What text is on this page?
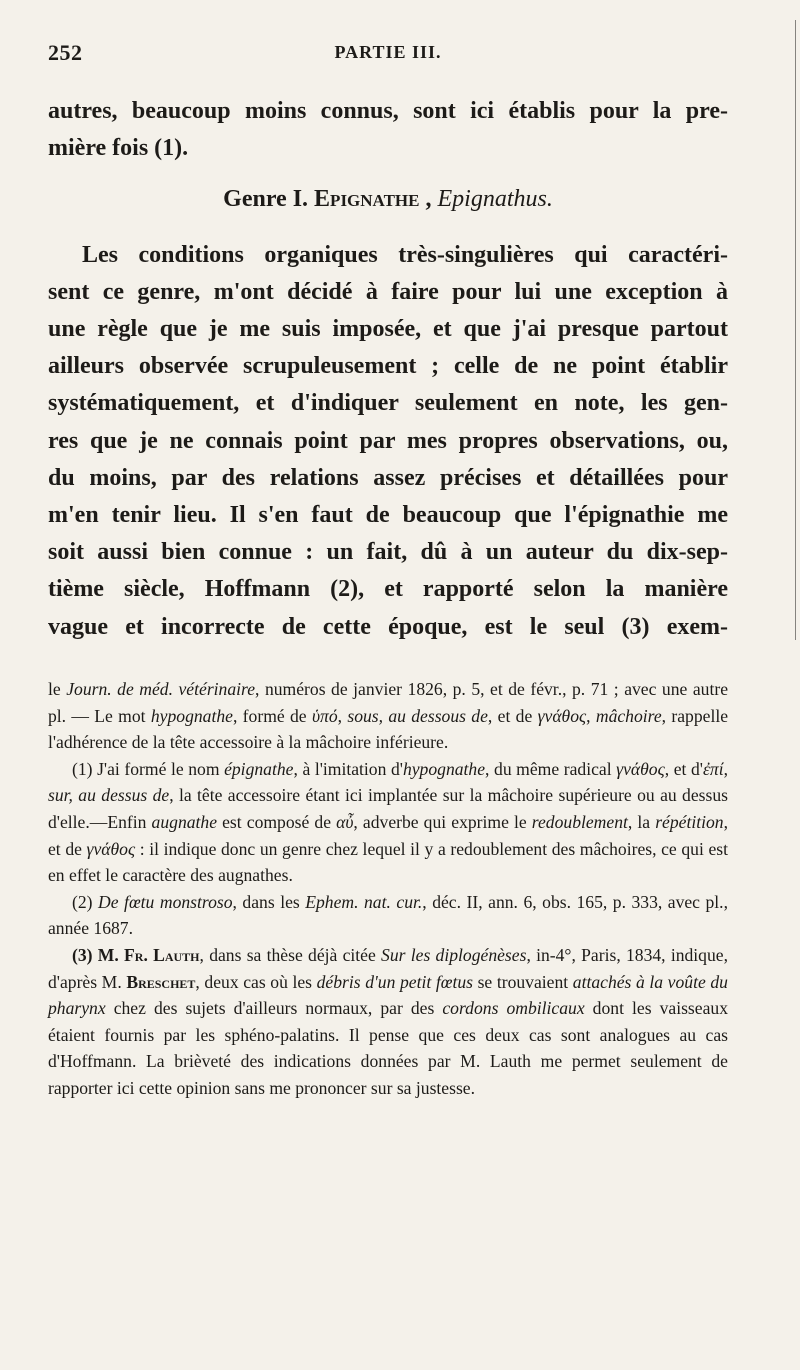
252	PARTIE III.

autres, beaucoup moins connus, sont ici établis pour la pre-

mière fois (1).

Genre I. Epignathe , Epignathus.

Les conditions organiques très-singulières qui caractéri-

sent ce genre, m'ont décidé à faire pour lui une exception à

une règle que je me suis imposée, et que j'ai presque partout

ailleurs observée scrupuleusement ; celle de ne point établir

systématiquement, et d'indiquer seulement en note, les gen-

res que je ne connais point par mes propres observations, ou,

du moins, par des relations assez précises et détaillées pour

m'en tenir lieu. Il s'en faut de beaucoup que l'épignathie me

soit aussi bien connue : un fait, dû à un auteur du dix-sep-

tième siècle, Hoffmann (2), et rapporté selon la manière

vague et incorrecte de cette époque, est le seul (3) exem-

le Journ. de méd. vétérinaire, numéros de janvier 1826, p. 5, et de févr., p. 71 ; avec une autre pl. — Le mot hypognathe, formé de ὑπό, sous, au dessous de, et de γνάθος, mâchoire, rappelle l'adhérence de la tête accessoire à la mâchoire inférieure.

(1) J'ai formé le nom épignathe, à l'imitation d'hypognathe, du même radical γνάθος, et d'ἐπί, sur, au dessus de, la tête accessoire étant ici implantée sur la mâchoire supérieure ou au dessus d'elle.—Enfin augnathe est composé de αὖ, adverbe qui exprime le redoublement, la répétition, et de γνάθος : il indique donc un genre chez lequel il y a redoublement des mâchoires, ce qui est en effet le caractère des augnathes.

(2) De fœtu monstroso, dans les Ephem. nat. cur., déc. II, ann. 6, obs. 165, p. 333, avec pl., année 1687.

(3) M. Fr. Lauth, dans sa thèse déjà citée Sur les diplogénèses, in-4°, Paris, 1834, indique, d'après M. Breschet, deux cas où les débris d'un petit fœtus se trouvaient attachés à la voûte du pharynx chez des sujets d'ailleurs normaux, par des cordons ombilicaux dont les vaisseaux étaient fournis par les sphéno-palatins. Il pense que ces deux cas sont analogues au cas d'Hoffmann. La brièveté des indications données par M. Lauth me permet seulement de rapporter ici cette opinion sans me prononcer sur sa justesse.
